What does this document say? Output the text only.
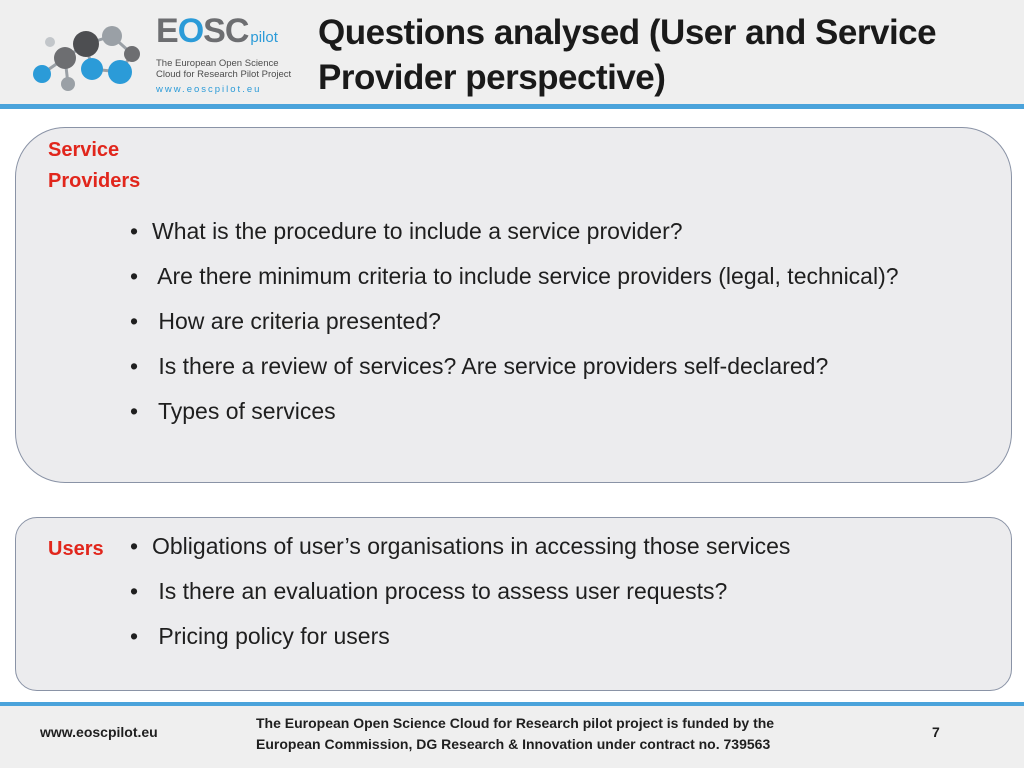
EOSC pilot
The European Open Science
Cloud for Research Pilot Project
www.eoscpilot.eu
Questions analysed (User and Service Provider perspective)
Service Providers
• What is the procedure to include a service provider?
• Are there minimum criteria to include service providers (legal, technical)?
• How are criteria presented?
• Is there a review of services? Are service providers self-declared?
• Types of services
Users • Obligations of user’s organisations in accessing those services
• Is there an evaluation process to assess user requests?
• Pricing policy for users
www.eoscpilot.eu
The European Open Science Cloud for Research pilot project is funded by the
European Commission, DG Research & Innovation under contract no. 739563
7
